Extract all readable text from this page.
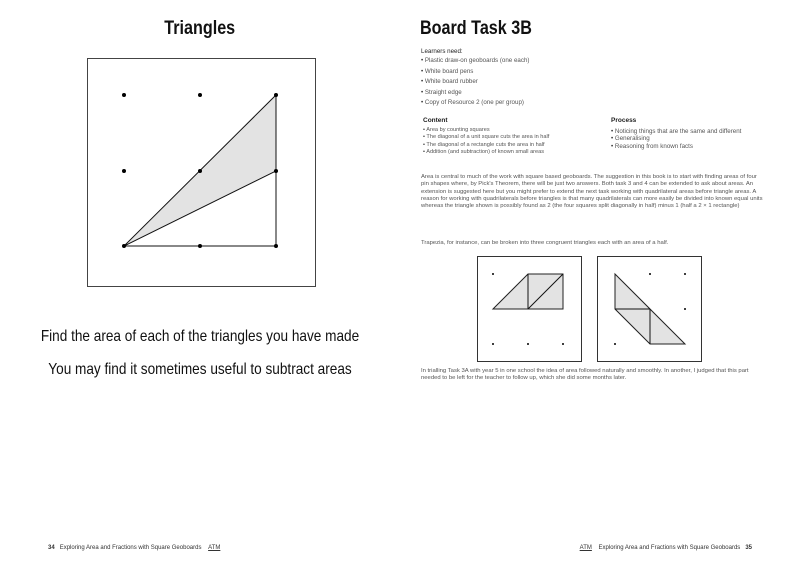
Triangles
Find the area of each of the triangles you have made
You may find it sometimes useful to subtract areas
34 Exploring Area and Fractions with Square Geoboards ATM
Board Task 3B
Learners need:
• Plastic draw-on geoboards (one each)
• White board pens
• White board rubber
• Straight edge
• Copy of Resource 2 (one per group)
Content
• Area by counting squares
• The diagonal of a unit square cuts the area in half
• The diagonal of a rectangle cuts the area in half
• Addition (and subtraction) of known small areas
Process
• Noticing things that are the same and different
• Generalising
• Reasoning from known facts

Area is central to much of the work with square based geoboards. The suggestion in this book is to start with finding areas of four pin shapes where, by Pick's Theorem, there will be just two answers. Both task 3 and 4 can be extended to ask about areas. An extension is suggested here but you might prefer to extend the next task working with quadrilateral areas before triangle areas. A reason for working with quadrilaterals before triangles is that many quadrilaterals can more easily be divided into known equal units whereas the triangle shown is possibly found as 2 (the four squares split diagonally in half) minus 1 (half a 2 × 1 rectangle)

Trapezia, for instance, can be broken into three congruent triangles each with an area of a half.

In trialling Task 3A with year 5 in one school the idea of area followed naturally and smoothly. In another, I judged that this part needed to be left for the teacher to follow up, which she did some months later.

ATM Exploring Area and Fractions with Square Geoboards 35
